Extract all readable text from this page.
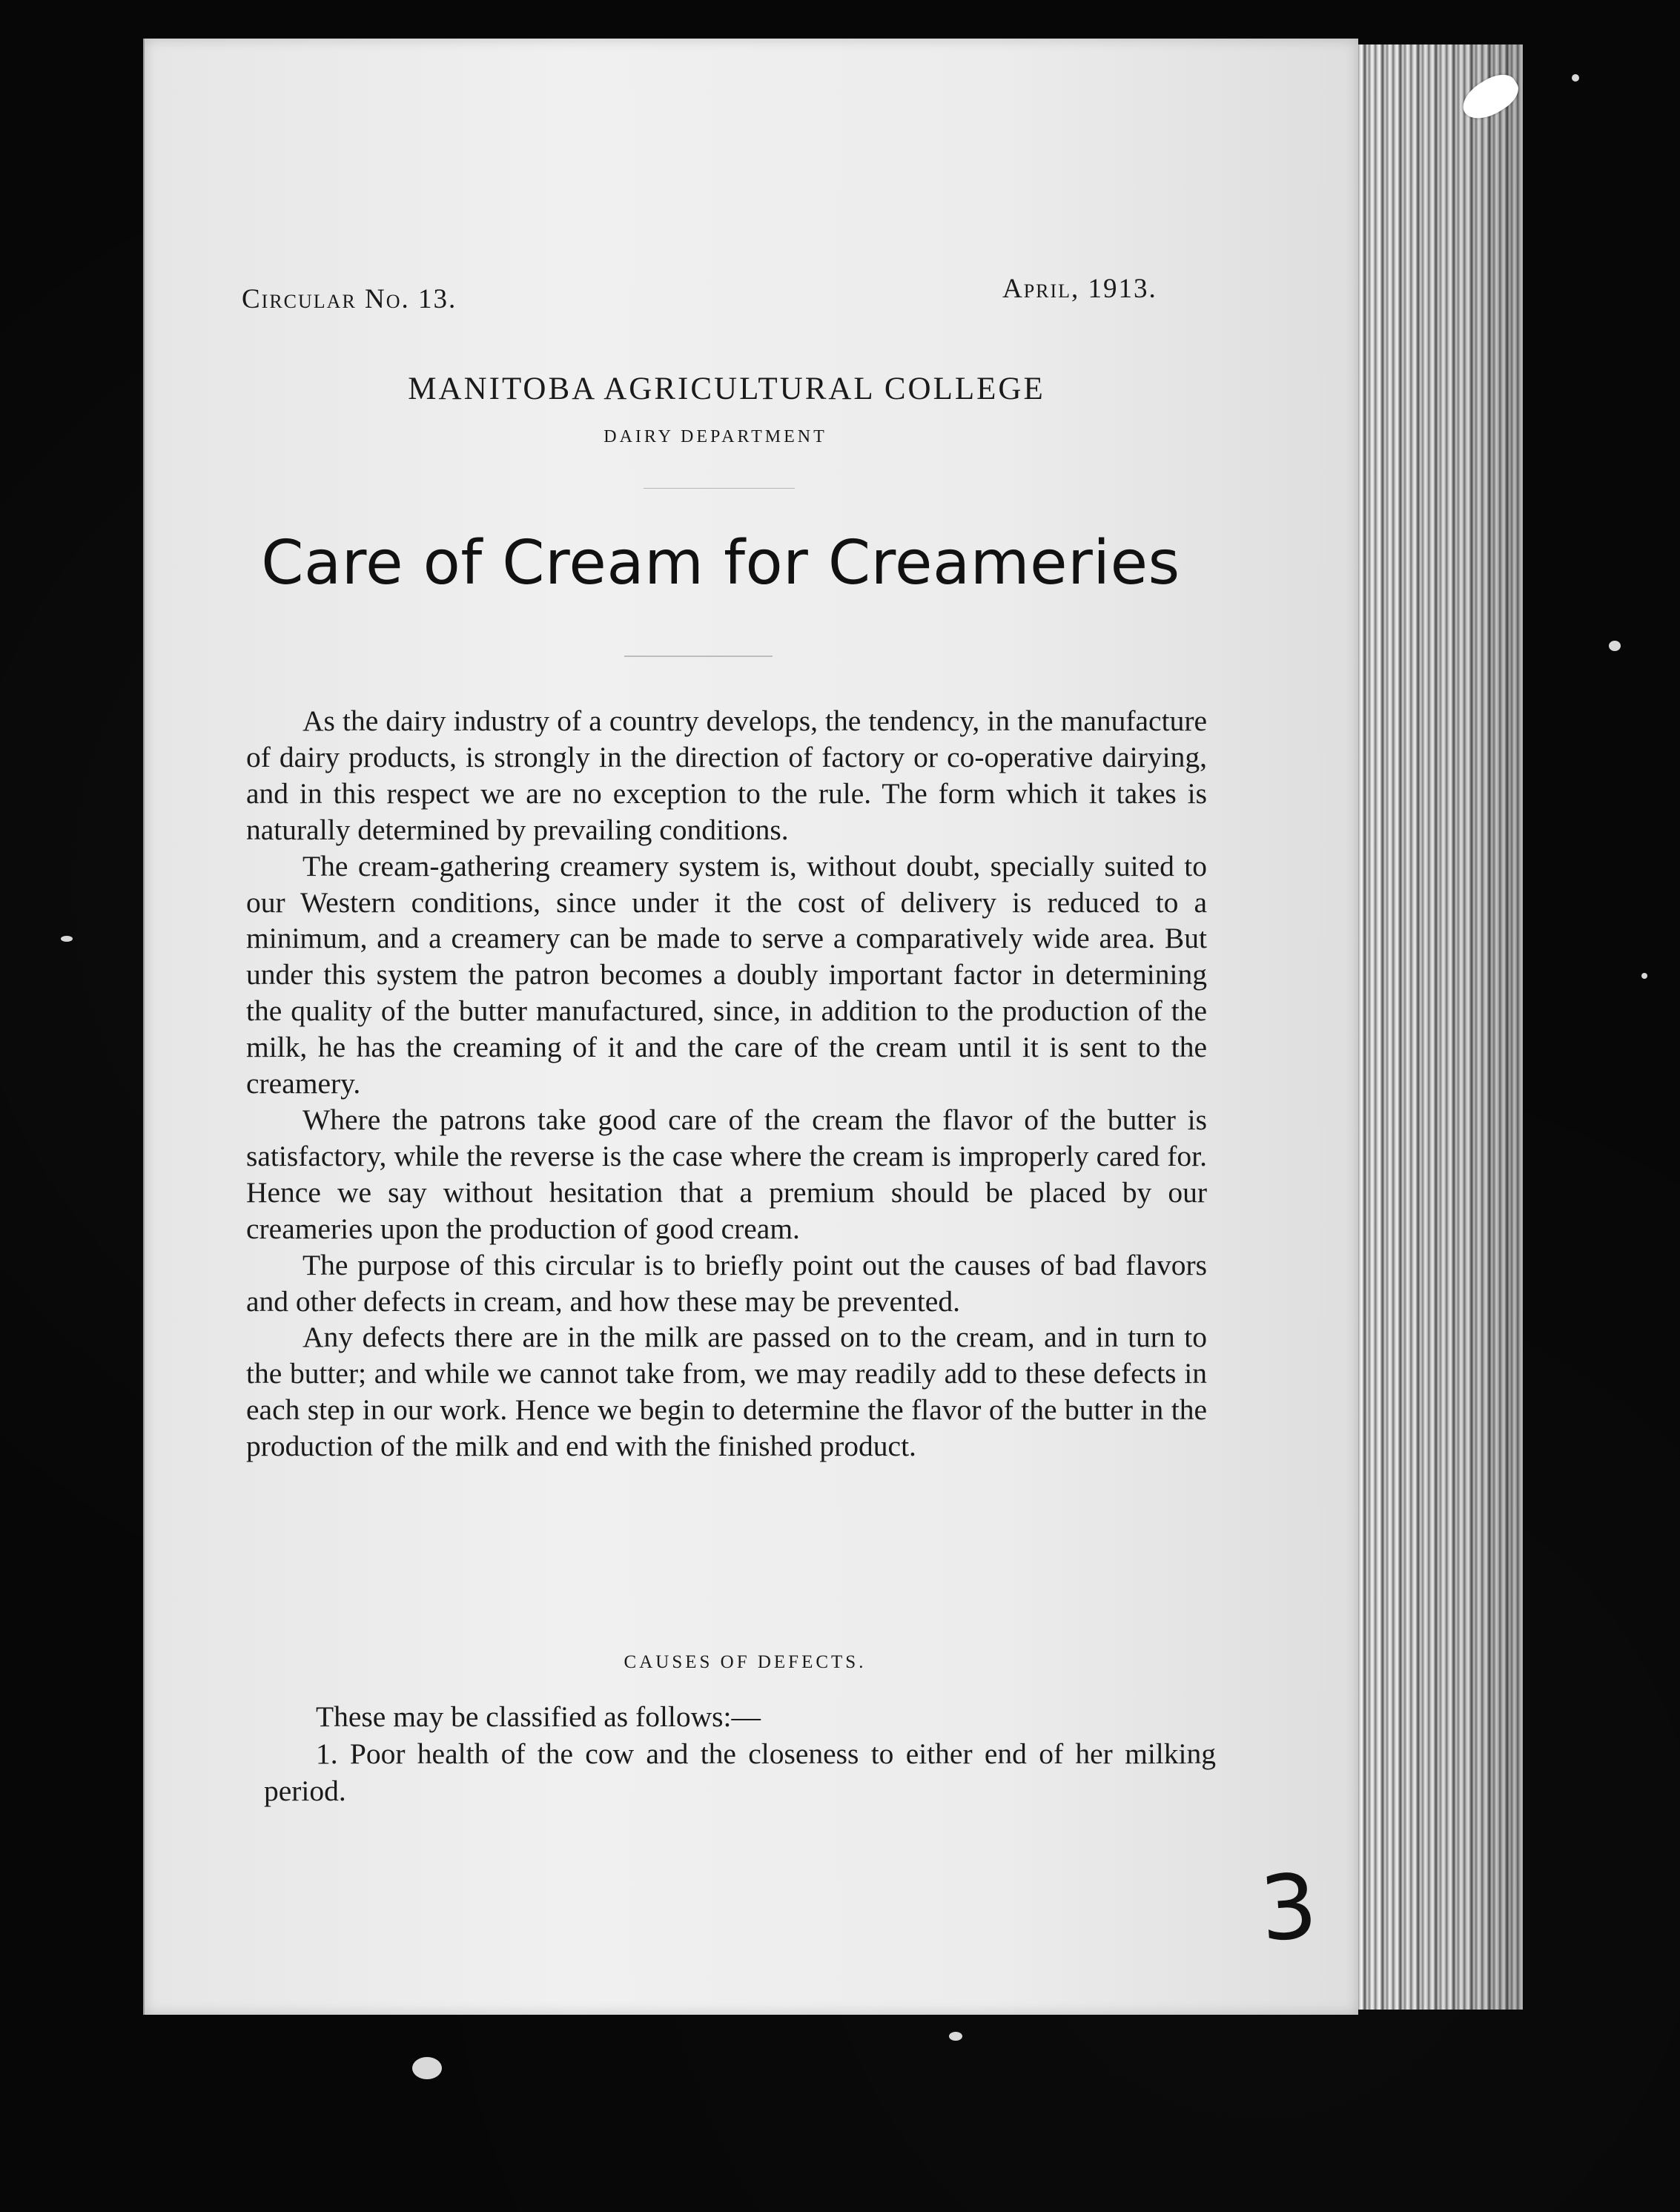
Circular No. 13.	April, 1913.
MANITOBA AGRICULTURAL COLLEGE
DAIRY DEPARTMENT
Care of Cream for Creameries

As the dairy industry of a country develops, the tendency, in the manufacture of dairy products, is strongly in the direction of factory or co-operative dairying, and in this respect we are no exception to the rule. The form which it takes is naturally determined by prevailing conditions.

The cream-gathering creamery system is, without doubt, specially suited to our Western conditions, since under it the cost of delivery is reduced to a minimum, and a creamery can be made to serve a comparatively wide area. But under this system the patron becomes a doubly important factor in determining the quality of the butter manufactured, since, in addition to the production of the milk, he has the creaming of it and the care of the cream until it is sent to the creamery.

Where the patrons take good care of the cream the flavor of the butter is satisfactory, while the reverse is the case where the cream is improperly cared for. Hence we say without hesitation that a premium should be placed by our creameries upon the production of good cream.

The purpose of this circular is to briefly point out the causes of bad flavors and other defects in cream, and how these may be prevented.

Any defects there are in the milk are passed on to the cream, and in turn to the butter; and while we cannot take from, we may readily add to these defects in each step in our work. Hence we begin to determine the flavor of the butter in the production of the milk and end with the finished product.

CAUSES OF DEFECTS.

These may be classified as follows:—

1. Poor health of the cow and the closeness to either end of her milking period.

3
